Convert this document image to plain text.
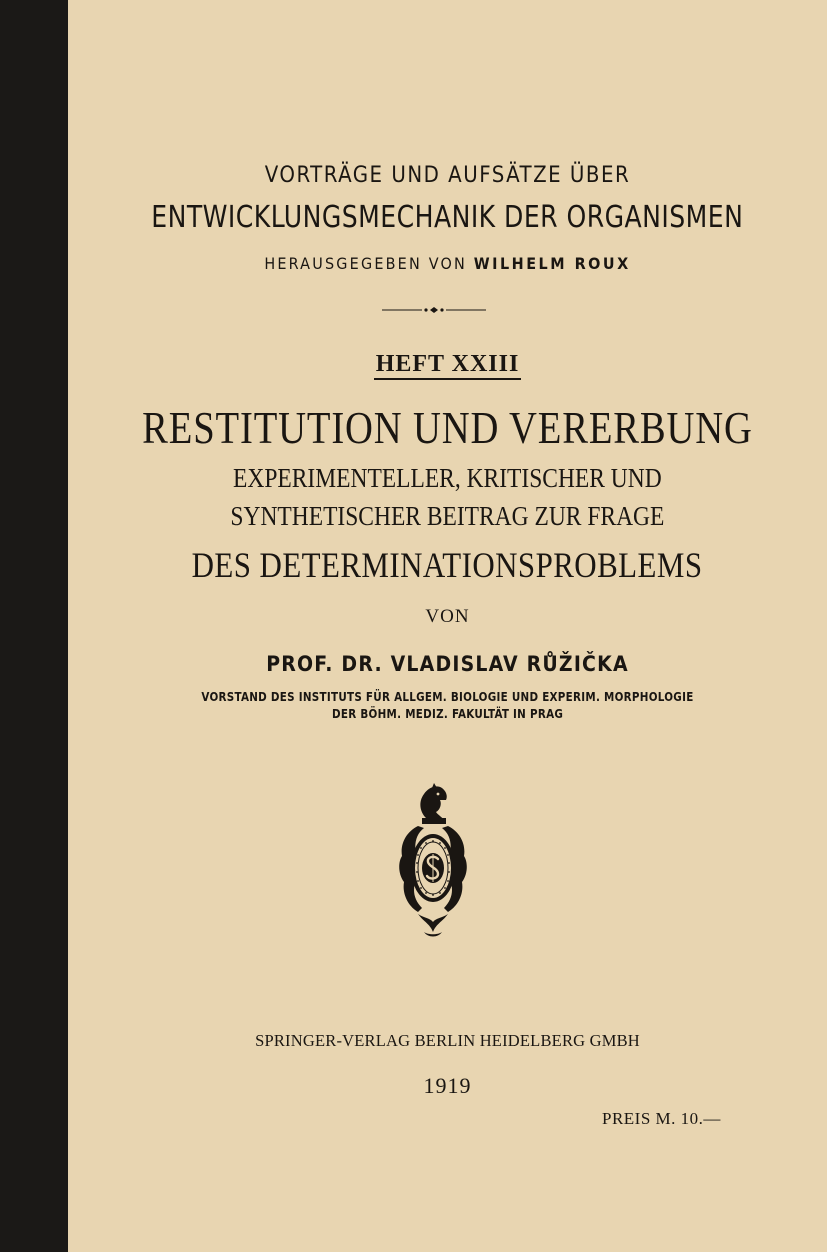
VORTRÄGE UND AUFSÄTZE ÜBER
ENTWICKLUNGSMECHANIK DER ORGANISMEN
HERAUSGEGEBEN VON WILHELM ROUX
HEFT XXIII
RESTITUTION UND VERERBUNG
EXPERIMENTELLER, KRITISCHER UND
SYNTHETISCHER BEITRAG ZUR FRAGE
DES DETERMINATIONSPROBLEMS
VON
PROF. DR. VLADISLAV RŮŽIČKA
VORSTAND DES INSTITUTS FÜR ALLGEM. BIOLOGIE UND EXPERIM. MORPHOLOGIE
DER BÖHM. MEDIZ. FAKULTÄT IN PRAG
SPRINGER-VERLAG BERLIN HEIDELBERG GMBH
1919
PREIS M. 10.—
